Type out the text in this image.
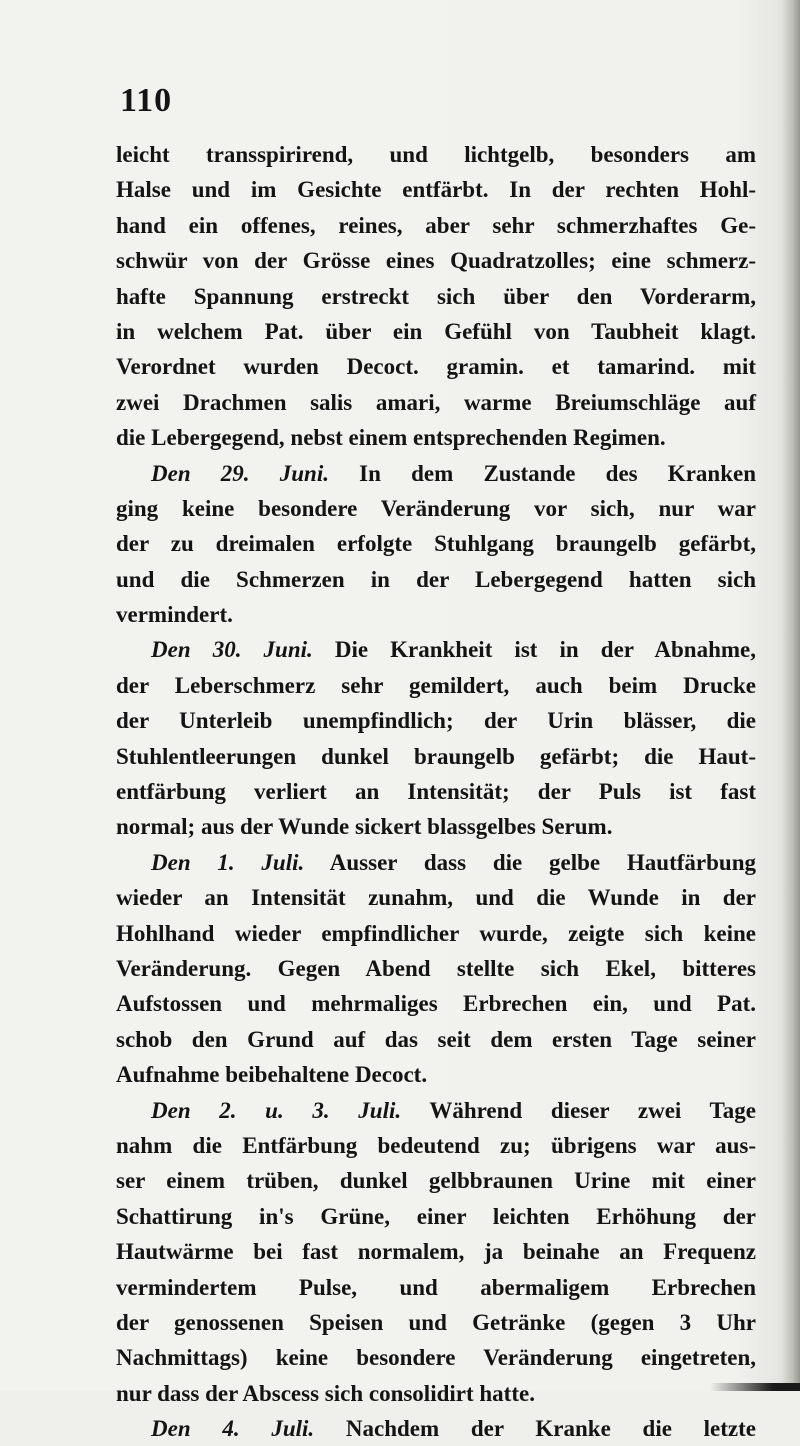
110
leicht transspirirend, und lichtgelb, besonders am
Halse und im Gesichte entfärbt. In der rechten Hohl-
hand ein offenes, reines, aber sehr schmerzhaftes Ge-
schwür von der Grösse eines Quadratzolles; eine schmerz-
hafte Spannung erstreckt sich über den Vorderarm,
in welchem Pat. über ein Gefühl von Taubheit klagt.
Verordnet wurden Decoct. gramin. et tamarind. mit
zwei Drachmen salis amari, warme Breiumschläge auf
die Lebergegend, nebst einem entsprechenden Regimen.
Den 29. Juni. In dem Zustande des Kranken
ging keine besondere Veränderung vor sich, nur war
der zu dreimalen erfolgte Stuhlgang braungelb gefärbt,
und die Schmerzen in der Lebergegend hatten sich
vermindert.
Den 30. Juni. Die Krankheit ist in der Abnahme,
der Leberschmerz sehr gemildert, auch beim Drucke
der Unterleib unempfindlich; der Urin blässer, die
Stuhlentleerungen dunkel braungelb gefärbt; die Haut-
entfärbung verliert an Intensität; der Puls ist fast
normal; aus der Wunde sickert blassgelbes Serum.
Den 1. Juli. Ausser dass die gelbe Hautfärbung
wieder an Intensität zunahm, und die Wunde in der
Hohlhand wieder empfindlicher wurde, zeigte sich keine
Veränderung. Gegen Abend stellte sich Ekel, bitteres
Aufstossen und mehrmaliges Erbrechen ein, und Pat.
schob den Grund auf das seit dem ersten Tage seiner
Aufnahme beibehaltene Decoct.
Den 2. u. 3. Juli. Während dieser zwei Tage
nahm die Entfärbung bedeutend zu; übrigens war aus-
ser einem trüben, dunkel gelbbraunen Urine mit einer
Schattirung in's Grüne, einer leichten Erhöhung der
Hautwärme bei fast normalem, ja beinahe an Frequenz
vermindertem Pulse, und abermaligem Erbrechen
der genossenen Speisen und Getränke (gegen 3 Uhr
Nachmittags) keine besondere Veränderung eingetreten,
nur dass der Abscess sich consolidirt hatte.
Den 4. Juli. Nachdem der Kranke die letzte
